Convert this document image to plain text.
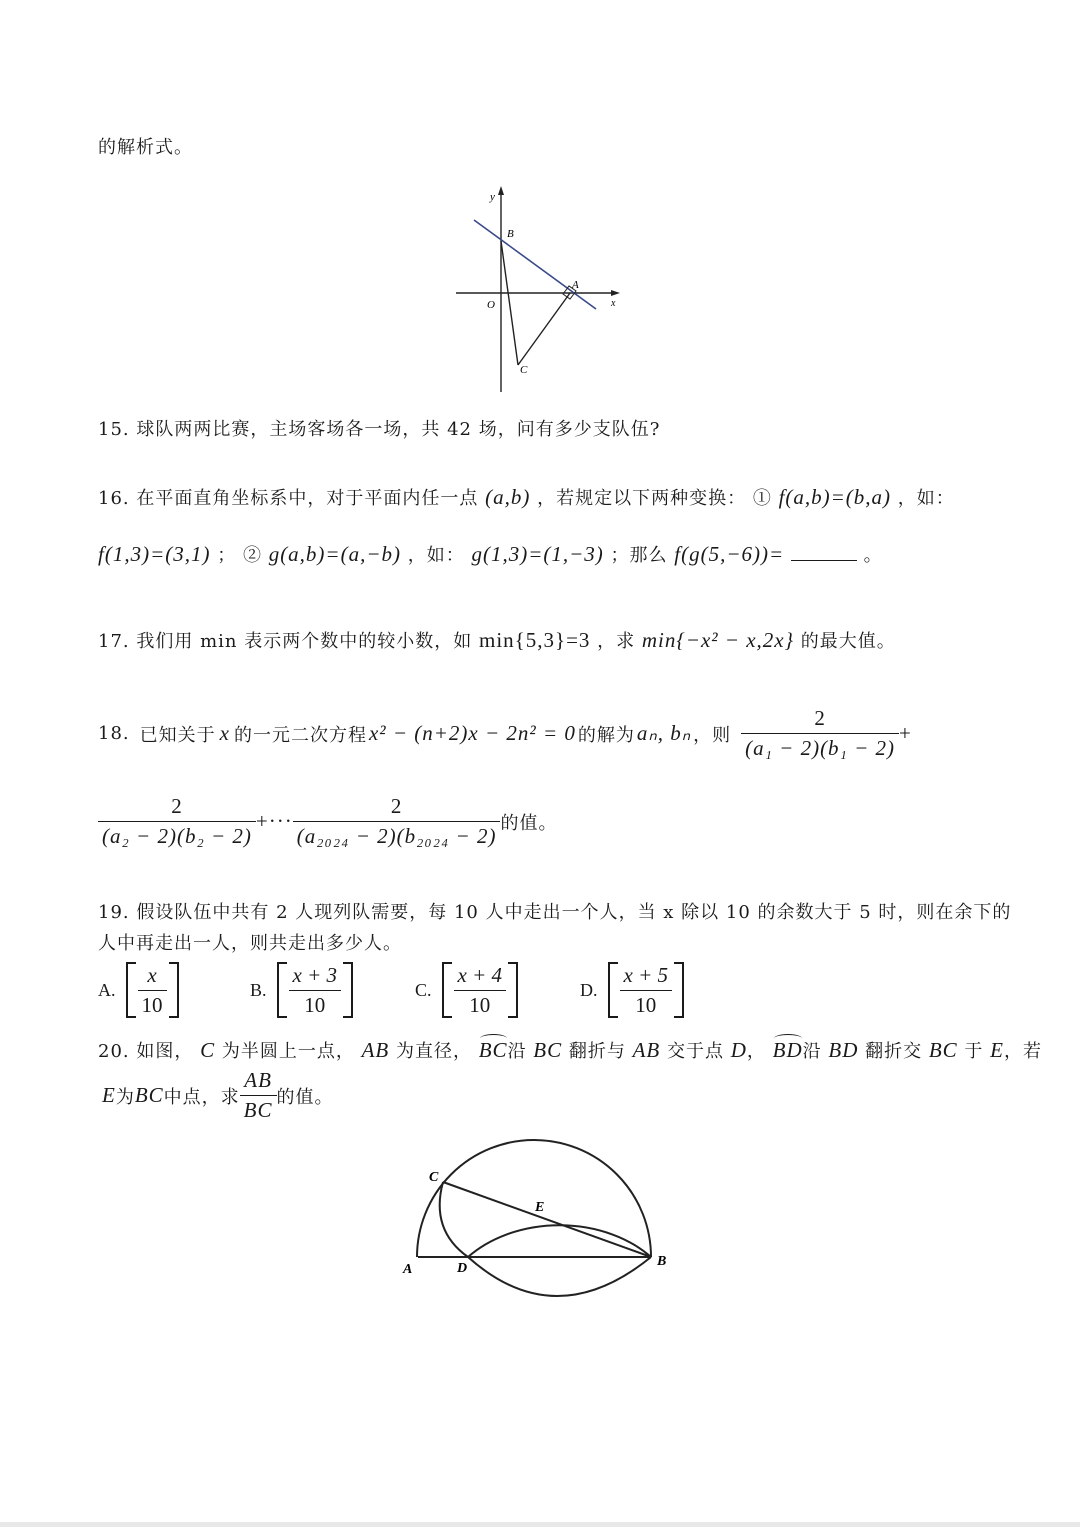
的解析式。
y
B
A
O	x
C
15. 球队两两比赛，主场客场各一场，共 42 场，问有多少支队伍?
16. 在平面直角坐标系中，对于平面内任一点 (a,b) ，若规定以下两种变换： ① f(a,b)=(b,a) ，如：
f(1,3)=(3,1) ； ② g(a,b)=(a,−b) ，如： g(1,3)=(1,−3) ；那么 f(g(5,−6))=	。
17. 我们用 min 表示两个数中的较小数，如 min{5,3}=3 ，求 min{−x² − x,2x} 的最大值。
18. 已知关于 x 的一元二次方程 x² − (n+2)x − 2n² = 0 的解为 aₙ, bₙ ，则 $\frac{2}{\text{(a₁ − 2)(b₁ − 2)}}$ +
$\frac{2}{\text{(a₂ − 2)(b₂ − 2)}}$ +··· $\frac{2}{\text{(a₂₀₂₄ − 2)(b₂₀₂₄ − 2)}}$ 的值。
19. 假设队伍中共有 2 人现列队需要，每 10 人中走出一个人，当 x 除以 10 的余数大于 5 时，则在余下的
人中再走出一人，则共走出多少人。
A. $\frac{x}{10}$	B. $\frac{x + 3}{10}$	C. $\frac{x + 4}{10}$	D. $\frac{x + 5}{10}$
20. 如图， C 为半圆上一点， AB 为直径， BC沿 BC 翻折与 AB 交于点 D， BD沿 BD 翻折交 BC 于 E，若
E 为 BC 中点，求 $\frac{AB}{BC}$ 的值。
C
E
A	D	B
